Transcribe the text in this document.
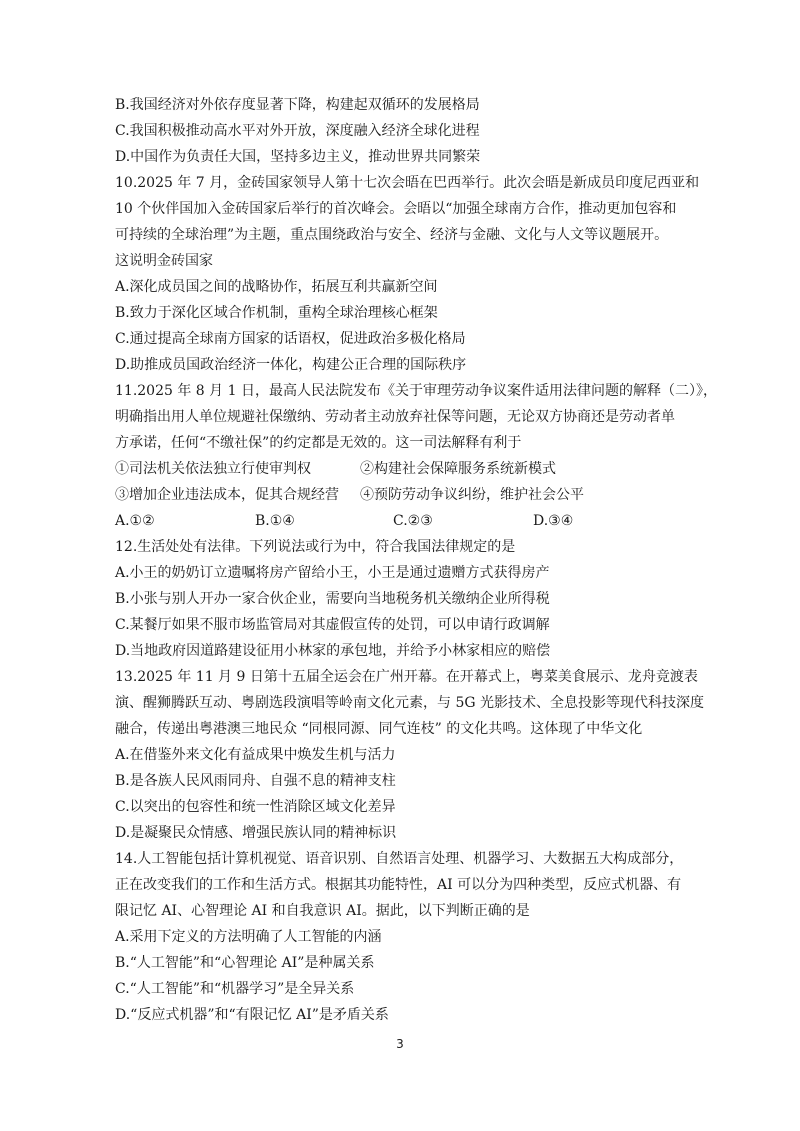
B.我国经济对外依存度显著下降，构建起双循环的发展格局
C.我国积极推动高水平对外开放，深度融入经济全球化进程
D.中国作为负责任大国，坚持多边主义，推动世界共同繁荣
10.2025 年 7 月，金砖国家领导人第十七次会晤在巴西举行。此次会晤是新成员印度尼西亚和
10 个伙伴国加入金砖国家后举行的首次峰会。会晤以“加强全球南方合作，推动更加包容和
可持续的全球治理”为主题，重点围绕政治与安全、经济与金融、文化与人文等议题展开。
这说明金砖国家
A.深化成员国之间的战略协作，拓展互利共赢新空间
B.致力于深化区域合作机制，重构全球治理核心框架
C.通过提高全球南方国家的话语权，促进政治多极化格局
D.助推成员国政治经济一体化，构建公正合理的国际秩序
11.2025 年 8 月 1 日，最高人民法院发布《关于审理劳动争议案件适用法律问题的解释（二）》，
明确指出用人单位规避社保缴纳、劳动者主动放弃社保等问题，无论双方协商还是劳动者单
方承诺，任何“不缴社保”的约定都是无效的。这一司法解释有利于
①司法机关依法独立行使审判权	②构建社会保障服务系统新模式
③增加企业违法成本，促其合规经营 ④预防劳动争议纠纷，维护社会公平
A.①②	B.①④	C.②③	D.③④
12.生活处处有法律。下列说法或行为中，符合我国法律规定的是
A.小王的奶奶订立遗嘱将房产留给小王，小王是通过遗赠方式获得房产
B.小张与别人开办一家合伙企业，需要向当地税务机关缴纳企业所得税
C.某餐厅如果不服市场监管局对其虚假宣传的处罚，可以申请行政调解
D.当地政府因道路建设征用小林家的承包地，并给予小林家相应的赔偿
13.2025 年 11 月 9 日第十五届全运会在广州开幕。在开幕式上，粤菜美食展示、龙舟竞渡表
演、醒狮腾跃互动、粤剧选段演唱等岭南文化元素，与 5G 光影技术、全息投影等现代科技深度
融合，传递出粤港澳三地民众 “同根同源、同气连枝” 的文化共鸣。这体现了中华文化
A.在借鉴外来文化有益成果中焕发生机与活力
B.是各族人民风雨同舟、自强不息的精神支柱
C.以突出的包容性和统一性消除区域文化差异
D.是凝聚民众情感、增强民族认同的精神标识
14.人工智能包括计算机视觉、语音识别、自然语言处理、机器学习、大数据五大构成部分，
正在改变我们的工作和生活方式。根据其功能特性，AI 可以分为四种类型，反应式机器、有
限记忆 AI、心智理论 AI 和自我意识 AI。据此，以下判断正确的是
A.采用下定义的方法明确了人工智能的内涵
B.“人工智能”和“心智理论 AI”是种属关系
C.“人工智能”和“机器学习”是全异关系
D.“反应式机器”和“有限记忆 AI”是矛盾关系
3
